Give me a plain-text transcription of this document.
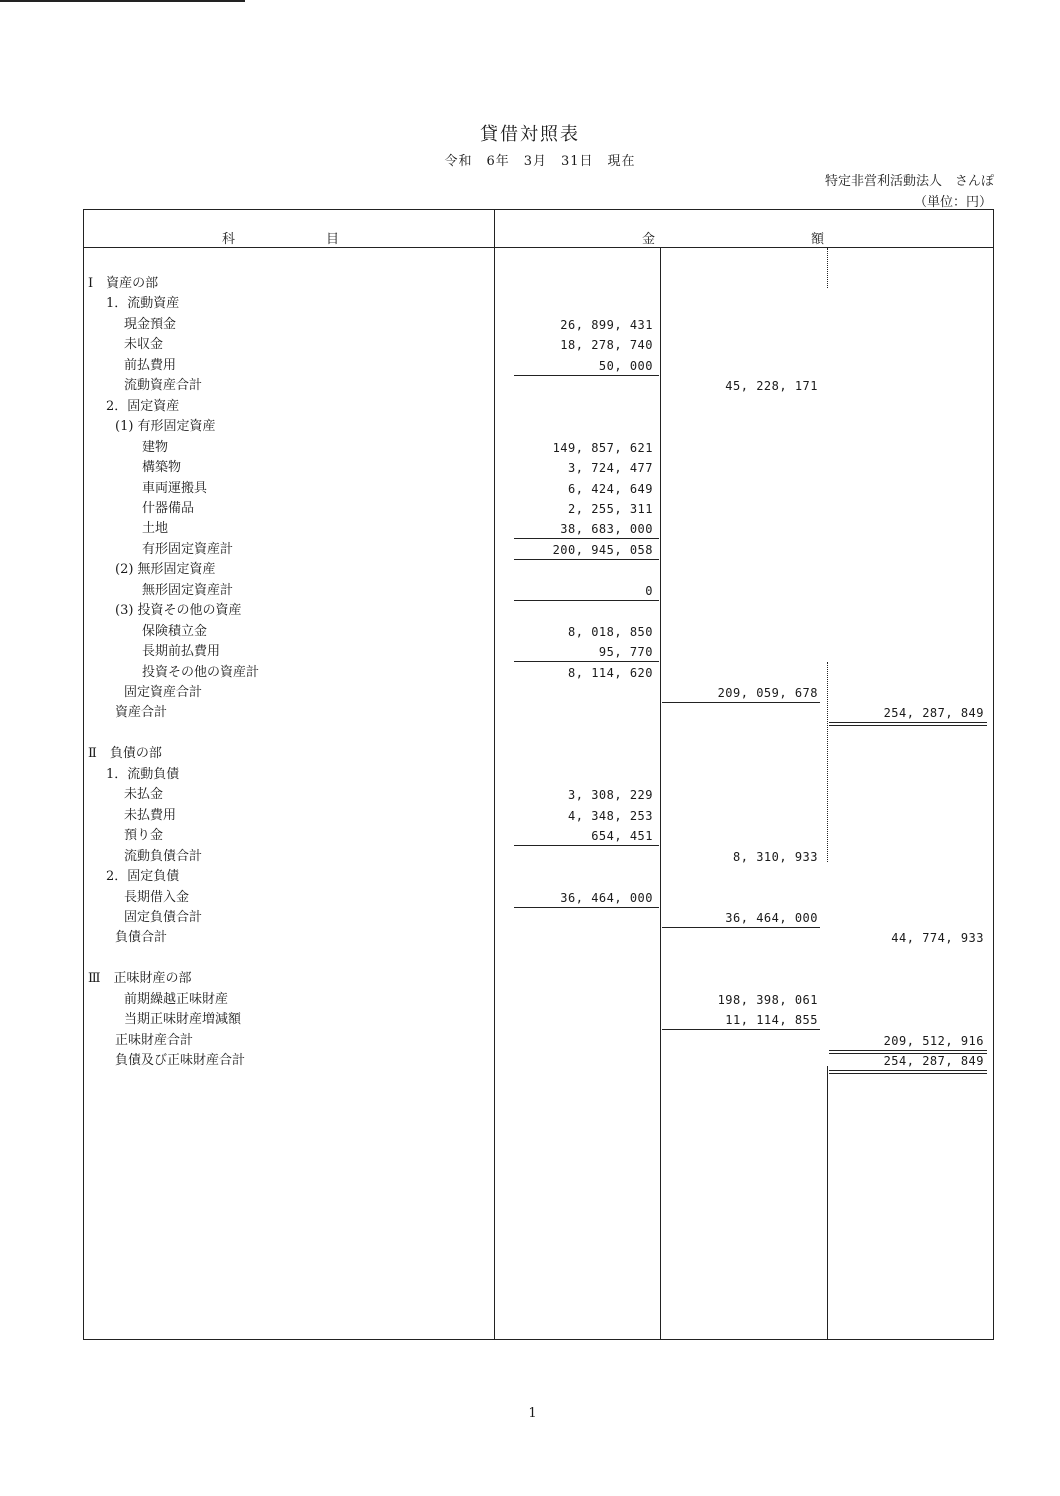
貸借対照表
令和　6年　3月　31日　現在
特定非営利活動法人　さんぽ
（単位：円）
科　　　　　　　目	金　　　　　　　　　　　　額
Ⅰ　資産の部
1．流動資産
現金預金	26, 899, 431
未収金	18, 278, 740
前払費用	50, 000
流動資産合計	45, 228, 171
2．固定資産
(1) 有形固定資産
建物	149, 857, 621
構築物	3, 724, 477
車両運搬具	6, 424, 649
什器備品	2, 255, 311
土地	38, 683, 000
有形固定資産計	200, 945, 058
(2) 無形固定資産
無形固定資産計	0
(3) 投資その他の資産
保険積立金	8, 018, 850
長期前払費用	95, 770
投資その他の資産計	8, 114, 620
固定資産合計	209, 059, 678
資産合計	254, 287, 849
Ⅱ　負債の部
1．流動負債
未払金	3, 308, 229
未払費用	4, 348, 253
預り金	654, 451
流動負債合計	8, 310, 933
2．固定負債
長期借入金	36, 464, 000
固定負債合計	36, 464, 000
負債合計	44, 774, 933
Ⅲ　正味財産の部
前期繰越正味財産	198, 398, 061
当期正味財産増減額	11, 114, 855
正味財産合計	209, 512, 916
負債及び正味財産合計	254, 287, 849
1
